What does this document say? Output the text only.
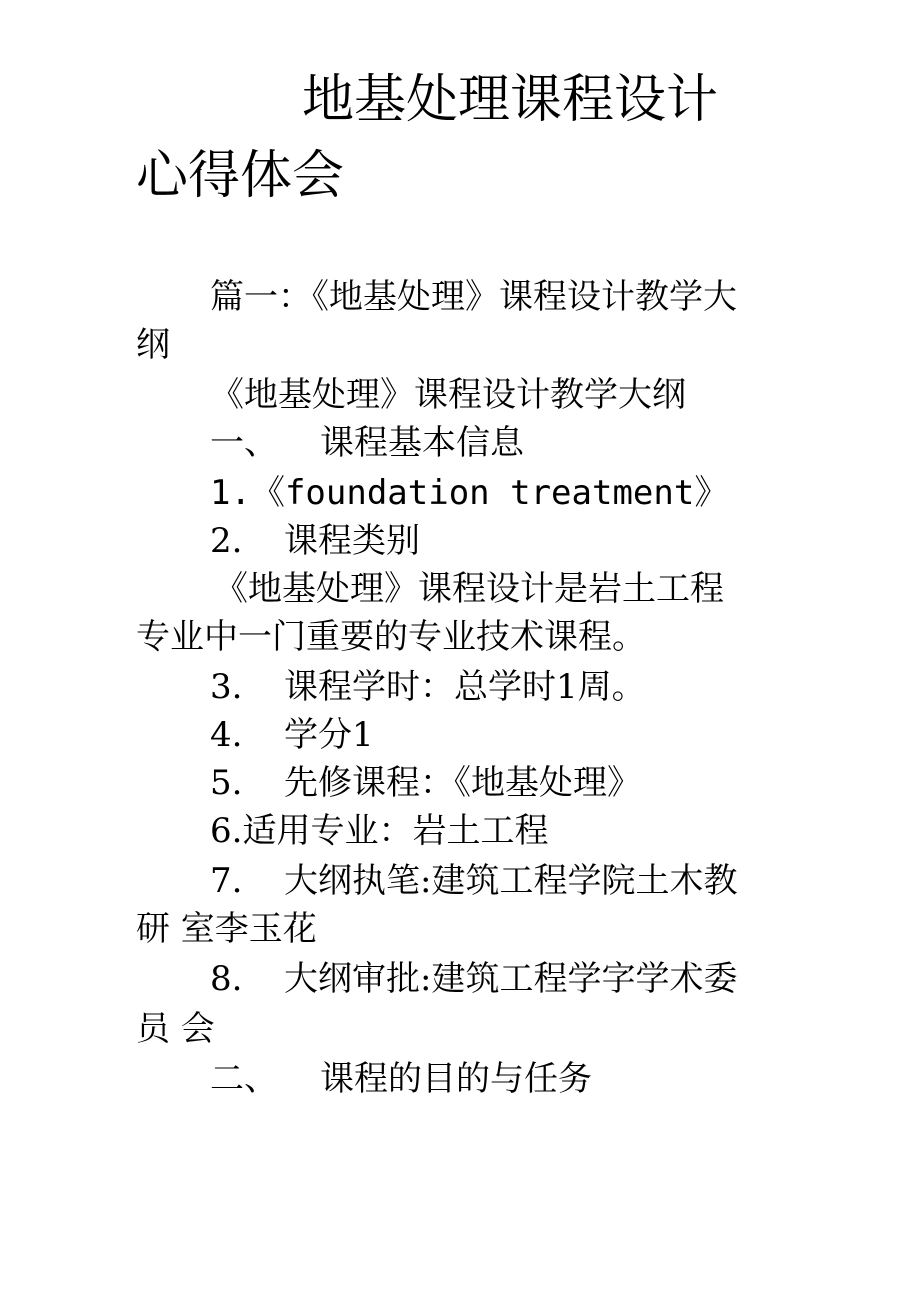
地基处理课程设计
心得体会
篇一：《地基处理》课程设计教学大
纲
《地基处理》课程设计教学大纲
一、 课程基本信息
1.《foundation treatment》
2. 课程类别
《地基处理》课程设计是岩土工程
专业中一门重要的专业技术课程。
3. 课程学时：总学时1周。
4. 学分1
5. 先修课程：《地基处理》
6.适用专业：岩土工程
7. 大纲执笔:建筑工程学院土木教
研 室李玉花
8. 大纲审批:建筑工程学字学术委
员 会
二、 课程的目的与任务
